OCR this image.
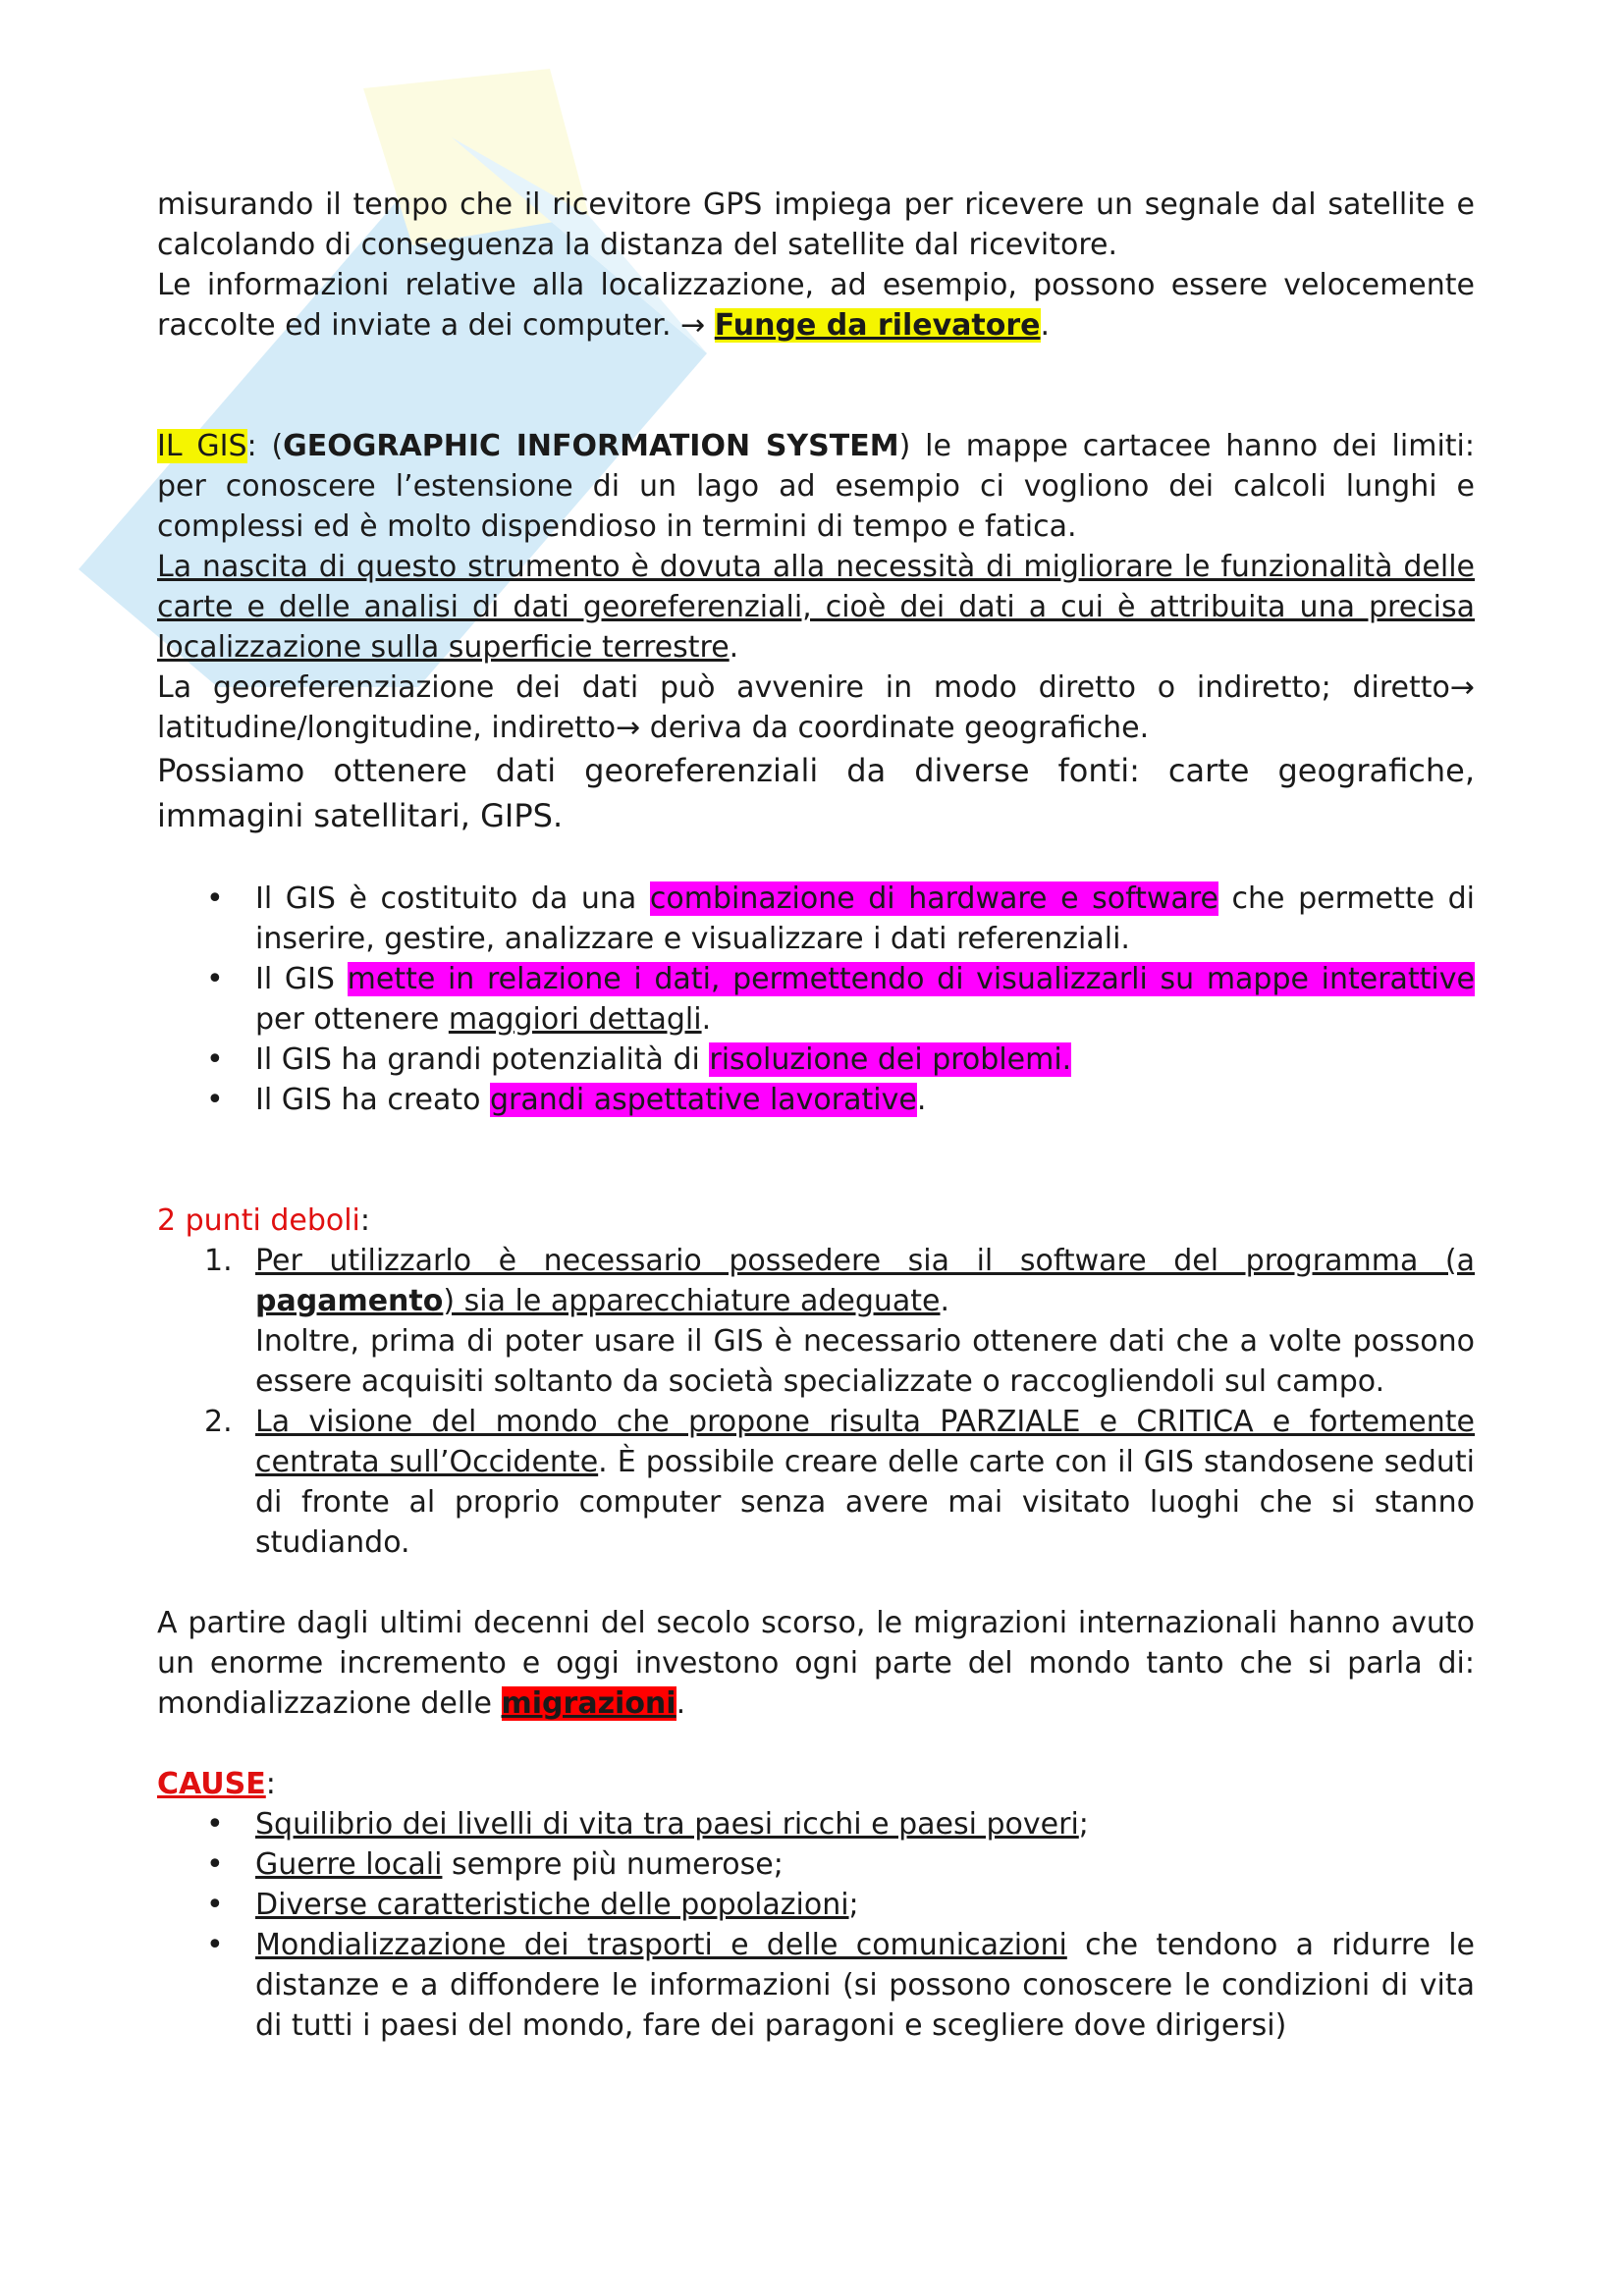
misurando il tempo che il ricevitore GPS impiega per ricevere un segnale dal satellite e calcolando di conseguenza la distanza del satellite dal ricevitore.
Le informazioni relative alla localizzazione, ad esempio, possono essere velocemente raccolte ed inviate a dei computer. → Funge da rilevatore.

IL GIS: (GEOGRAPHIC INFORMATION SYSTEM) le mappe cartacee hanno dei limiti: per conoscere l’estensione di un lago ad esempio ci vogliono dei calcoli lunghi e complessi ed è molto dispendioso in termini di tempo e fatica.
La nascita di questo strumento è dovuta alla necessità di migliorare le funzionalità delle carte e delle analisi di dati georeferenziali, cioè dei dati a cui è attribuita una precisa localizzazione sulla superficie terrestre.
La georeferenziazione dei dati può avvenire in modo diretto o indiretto; diretto→ latitudine/longitudine, indiretto→ deriva da coordinate geografiche.

Possiamo ottenere dati georeferenziali da diverse fonti: carte geografiche, immagini satellitari, GIPS.

• Il GIS è costituito da una combinazione di hardware e software che permette di inserire, gestire, analizzare e visualizzare i dati referenziali.
• Il GIS mette in relazione i dati, permettendo di visualizzarli su mappe interattive per ottenere maggiori dettagli.
• Il GIS ha grandi potenzialità di risoluzione dei problemi.
• Il GIS ha creato grandi aspettative lavorative.

2 punti deboli:

1. Per utilizzarlo è necessario possedere sia il software del programma (a pagamento) sia le apparecchiature adeguate.
Inoltre, prima di poter usare il GIS è necessario ottenere dati che a volte possono essere acquisiti soltanto da società specializzate o raccogliendoli sul campo.
2. La visione del mondo che propone risulta PARZIALE e CRITICA e fortemente centrata sull’Occidente. È possibile creare delle carte con il GIS standosene seduti di fronte al proprio computer senza avere mai visitato luoghi che si stanno studiando.

A partire dagli ultimi decenni del secolo scorso, le migrazioni internazionali hanno avuto un enorme incremento e oggi investono ogni parte del mondo tanto che si parla di: mondializzazione delle migrazioni.

CAUSE:

• Squilibrio dei livelli di vita tra paesi ricchi e paesi poveri;
• Guerre locali sempre più numerose;
• Diverse caratteristiche delle popolazioni;
• Mondializzazione dei trasporti e delle comunicazioni che tendono a ridurre le distanze e a diffondere le informazioni (si possono conoscere le condizioni di vita di tutti i paesi del mondo, fare dei paragoni e scegliere dove dirigersi)
